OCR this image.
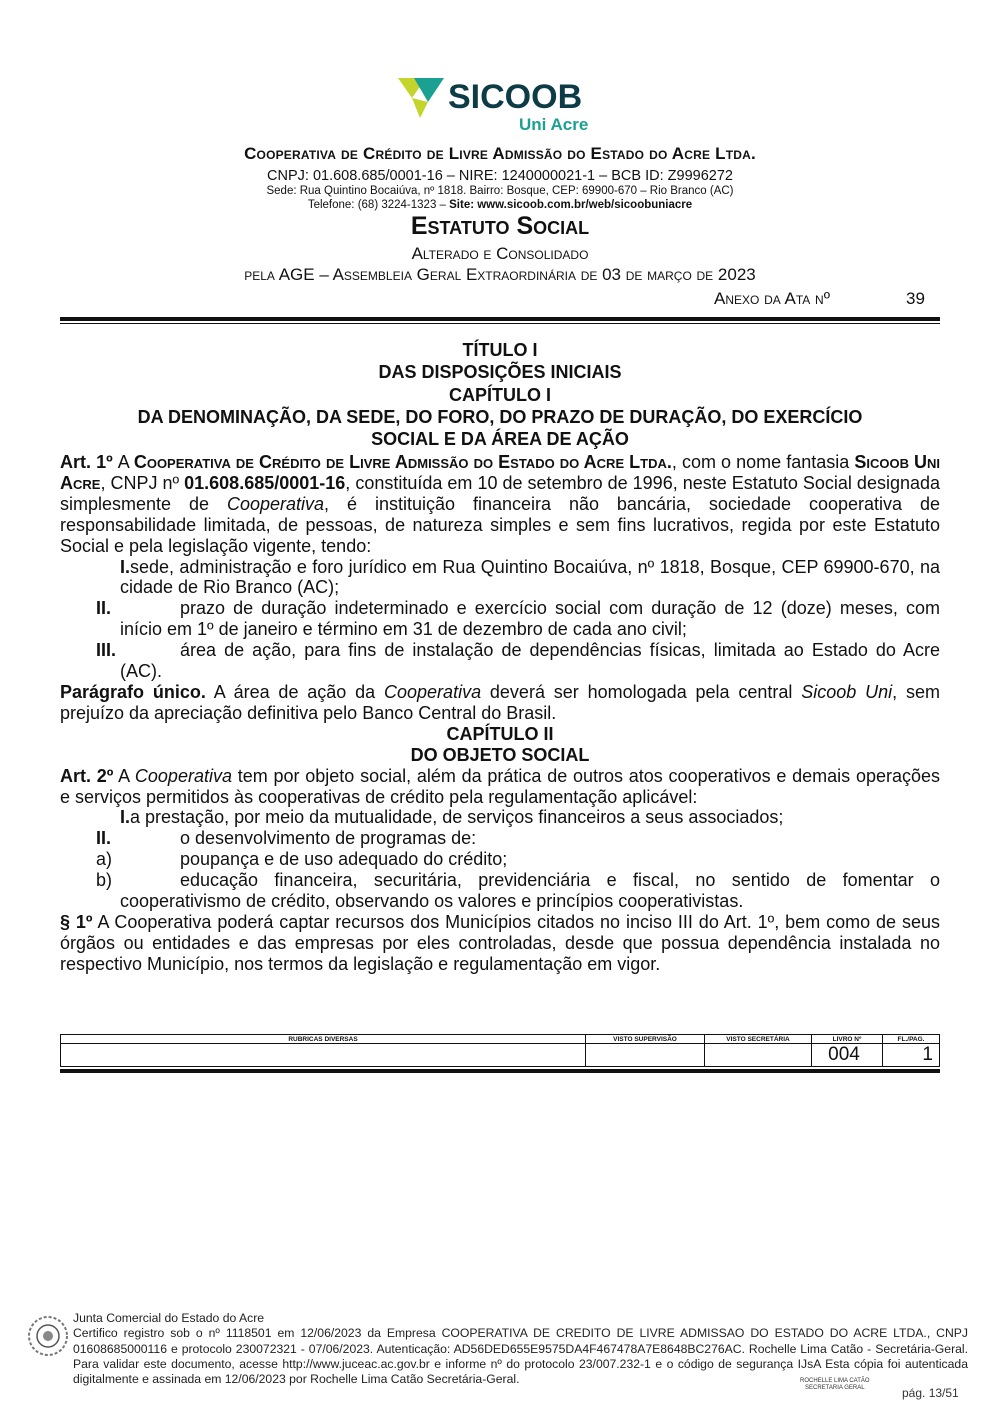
SICOOB
Uni Acre
Cooperativa de Crédito de Livre Admissão do Estado do Acre Ltda.
CNPJ: 01.608.685/0001-16 – NIRE: 1240000021-1 – BCB ID: Z9996272
Sede: Rua Quintino Bocaiúva, nº 1818. Bairro: Bosque, CEP: 69900-670 – Rio Branco (AC)
Telefone: (68) 3224-1323 – Site: www.sicoob.com.br/web/sicoobuniacre
Estatuto Social
Alterado e Consolidado
pela AGE – Assembleia Geral Extraordinária de 03 de março de 2023
Anexo da Ata nº	39
TÍTULO I
DAS DISPOSIÇÕES INICIAIS
CAPÍTULO I
DA DENOMINAÇÃO, DA SEDE, DO FORO, DO PRAZO DE DURAÇÃO, DO EXERCÍCIO
SOCIAL E DA ÁREA DE AÇÃO

Art. 1º A Cooperativa de Crédito de Livre Admissão do Estado do Acre Ltda., com o nome fantasia Sicoob Uni Acre, CNPJ nº 01.608.685/0001-16, constituída em 10 de setembro de 1996, neste Estatuto Social designada simplesmente de Cooperativa, é instituição financeira não bancária, sociedade cooperativa de responsabilidade limitada, de pessoas, de natureza simples e sem fins lucrativos, regida por este Estatuto Social e pela legislação vigente, tendo:

I.sede, administração e foro jurídico em Rua Quintino Bocaiúva, nº 1818, Bosque, CEP 69900-670, na cidade de Rio Branco (AC);

II.	prazo de duração indeterminado e exercício social com duração de 12 (doze) meses, com início em 1º de janeiro e término em 31 de dezembro de cada ano civil;

III.	área de ação, para fins de instalação de dependências físicas, limitada ao Estado do Acre (AC).

Parágrafo único. A área de ação da Cooperativa deverá ser homologada pela central Sicoob Uni, sem prejuízo da apreciação definitiva pelo Banco Central do Brasil.

CAPÍTULO II

DO OBJETO SOCIAL

Art. 2º A Cooperativa tem por objeto social, além da prática de outros atos cooperativos e demais operações e serviços permitidos às cooperativas de crédito pela regulamentação aplicável:

I.a prestação, por meio da mutualidade, de serviços financeiros a seus associados;

II.	o desenvolvimento de programas de:

a)	poupança e de uso adequado do crédito;

b)	educação financeira, securitária, previdenciária e fiscal, no sentido de fomentar o cooperativismo de crédito, observando os valores e princípios cooperativistas.

§ 1º A Cooperativa poderá captar recursos dos Municípios citados no inciso III do Art. 1º, bem como de seus órgãos ou entidades e das empresas por eles controladas, desde que possua dependência instalada no respectivo Município, nos termos da legislação e regulamentação em vigor.

RUBRICAS DIVERSAS	VISTO SUPERVISÃO	VISTO SECRETÁRIA	LIVRO Nº	FL./PAG.
			004	1
Junta Comercial do Estado do Acre
Certifico registro sob o nº 1118501 em 12/06/2023 da Empresa COOPERATIVA DE CREDITO DE LIVRE ADMISSAO DO ESTADO DO ACRE LTDA., CNPJ 01608685000116 e protocolo 230072321 - 07/06/2023. Autenticação: AD56DED655E9575DA4F467478A7E8648BC276AC. Rochelle Lima Catão - Secretária-Geral. Para validar este documento, acesse http://www.juceac.ac.gov.br e informe nº do protocolo 23/007.232-1 e o código de segurança IJsA Esta cópia foi autenticada digitalmente e assinada em 12/06/2023 por Rochelle Lima Catão Secretária-Geral.	ROCHELLE LIMA CATÃO
SECRETARIA GERAL	pág. 13/51
